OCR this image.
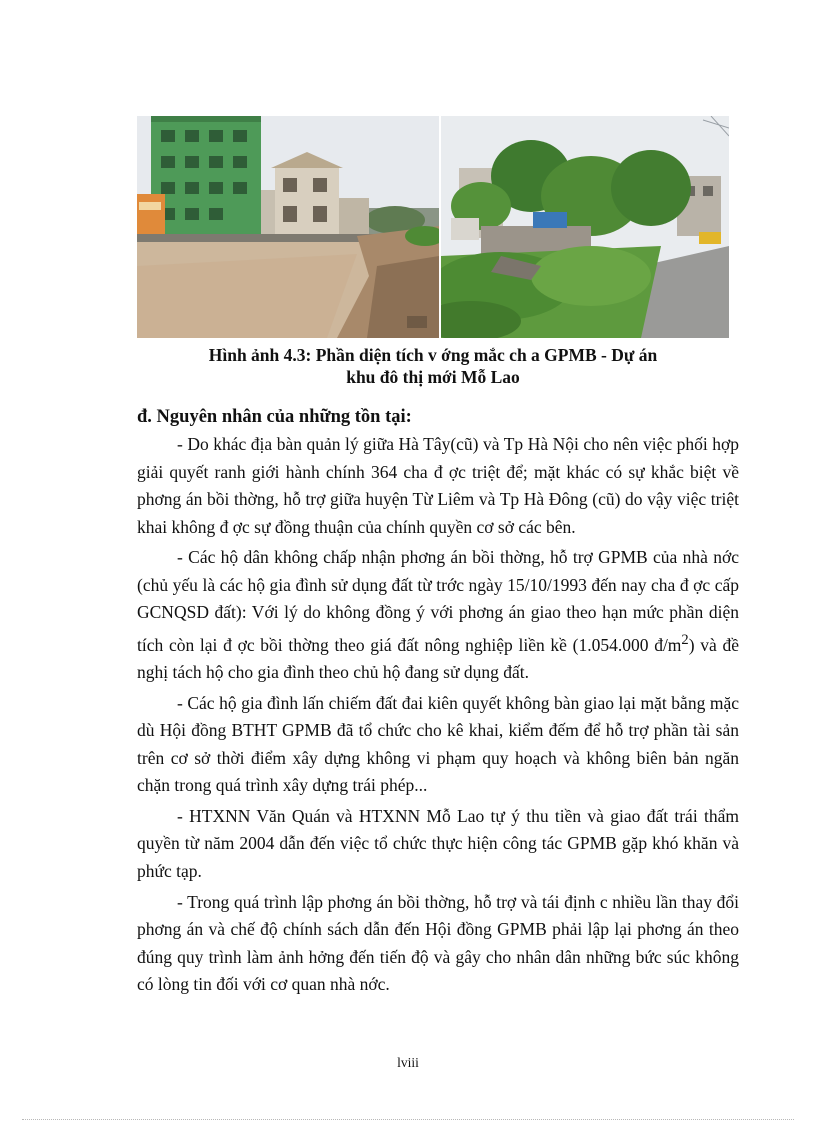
Hình ảnh 4.3: Phần diện tích v ớng mắc ch a GPMB - Dự án
khu đô thị mới Mỗ Lao
đ. Nguyên nhân của những tồn tại:

- Do khác địa bàn quản lý giữa Hà Tây(cũ) và Tp Hà Nội cho nên việc phối hợp giải quyết ranh giới hành chính 364 cha đ ợc triệt để; mặt khác có sự khắc biệt về phơng án bồi thờng, hỗ trợ giữa huyện Từ Liêm và Tp Hà Đông (cũ) do vậy việc triệt khai không đ ợc sự đồng thuận của chính quyền cơ sở các bên.

- Các hộ dân không chấp nhận phơng án bồi thờng, hỗ trợ GPMB của nhà nớc (chủ yếu là các hộ gia đình sử dụng đất từ trớc ngày 15/10/1993 đến nay cha đ ợc cấp GCNQSD đất): Với lý do không đồng ý với phơng án giao theo hạn mức phần diện tích còn lại đ ợc bồi thờng theo giá đất nông nghiệp liền kề (1.054.000 $đ/m^2$) và đề nghị tách hộ cho gia đình theo chủ hộ đang sử dụng đất.

- Các hộ gia đình lấn chiếm đất đai kiên quyết không bàn giao lại mặt bằng mặc dù Hội đồng BTHT GPMB đã tổ chức cho kê khai, kiểm đếm để hỗ trợ phần tài sản trên cơ sở thời điểm xây dựng không vi phạm quy hoạch và không biên bản ngăn chặn trong quá trình xây dựng trái phép...

- HTXNN Văn Quán và HTXNN Mỗ Lao tự ý thu tiền và giao đất trái thẩm quyền từ năm 2004 dẫn đến việc tổ chức thực hiện công tác GPMB gặp khó khăn và phức tạp.

- Trong quá trình lập phơng án bồi thờng, hỗ trợ và tái định c nhiều lần thay đổi phơng án và chế độ chính sách dẫn đến Hội đồng GPMB phải lập lại phơng án theo đúng quy trình làm ảnh hởng đến tiến độ và gây cho nhân dân những bức súc không có lòng tin đối với cơ quan nhà nớc.

lviii
